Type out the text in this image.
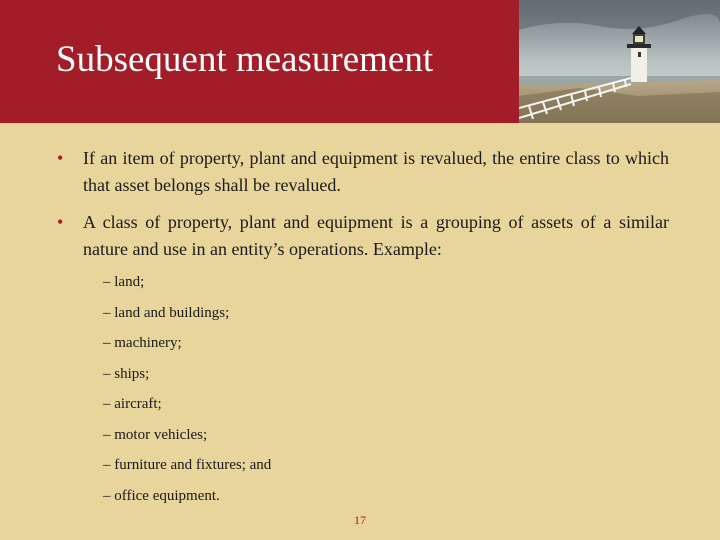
Subsequent measurement
• If an item of property, plant and equipment is revalued, the entire class to which that asset belongs shall be revalued.
• A class of property, plant and equipment is a grouping of assets of a similar nature and use in an entity’s operations. Example:
– land;
– land and buildings;
– machinery;
– ships;
– aircraft;
– motor vehicles;
– furniture and fixtures; and
– office equipment.
17
